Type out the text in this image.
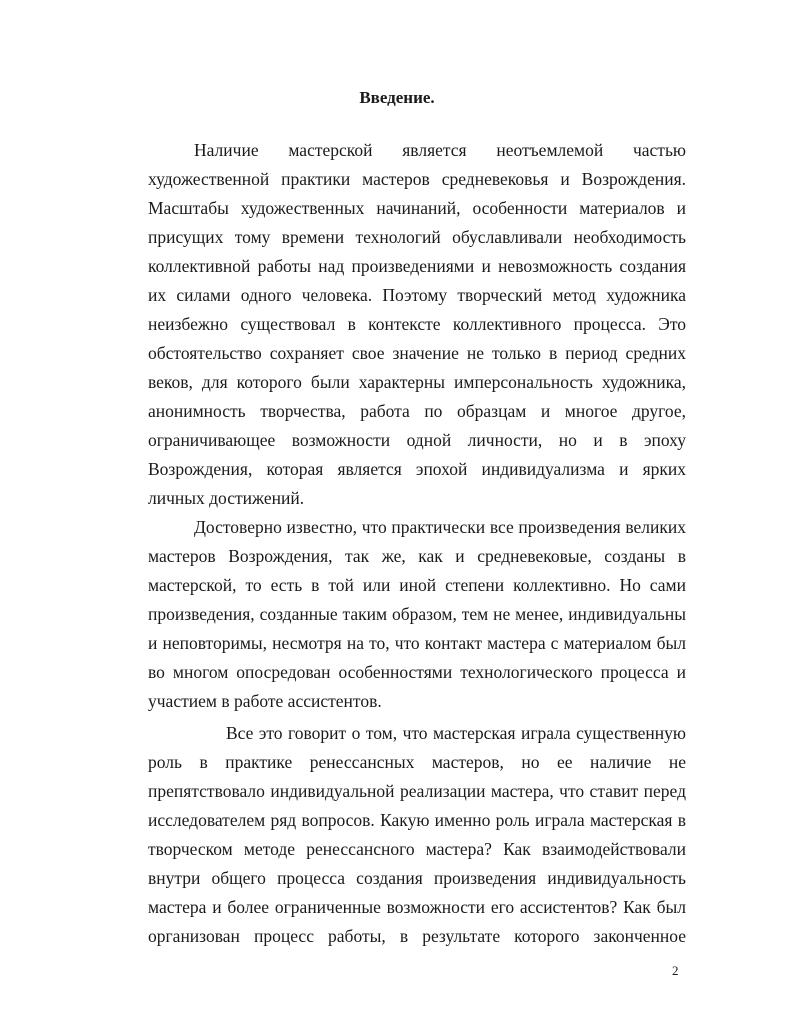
Введение.
Наличие мастерской является неотъемлемой частью
художественной практики мастеров средневековья и Возрождения.
Масштабы художественных начинаний, особенности материалов и
присущих тому времени технологий обуславливали необходимость
коллективной работы над произведениями и невозможность создания
их силами одного человека. Поэтому творческий метод художника
неизбежно существовал в контексте коллективного процесса. Это
обстоятельство сохраняет свое значение не только в период средних
веков, для которого были характерны имперсональность художника,
анонимность творчества, работа по образцам и многое другое,
ограничивающее возможности одной личности, но и в эпоху
Возрождения, которая является эпохой индивидуализма и ярких
личных достижений.
Достоверно известно, что практически все произведения великих
мастеров Возрождения, так же, как и средневековые, созданы в
мастерской, то есть в той или иной степени коллективно. Но сами
произведения, созданные таким образом, тем не менее, индивидуальны
и неповторимы, несмотря на то, что контакт мастера с материалом был
во многом опосредован особенностями технологического процесса и
участием в работе ассистентов.
Все это говорит о том, что мастерская играла существенную
роль в практике ренессансных мастеров, но ее наличие не
препятствовало индивидуальной реализации мастера, что ставит перед
исследователем ряд вопросов. Какую именно роль играла мастерская в
творческом методе ренессансного мастера? Как взаимодействовали
внутри общего процесса создания произведения индивидуальность
мастера и более ограниченные возможности его ассистентов? Как был
организован процесс работы, в результате которого законченное
2
